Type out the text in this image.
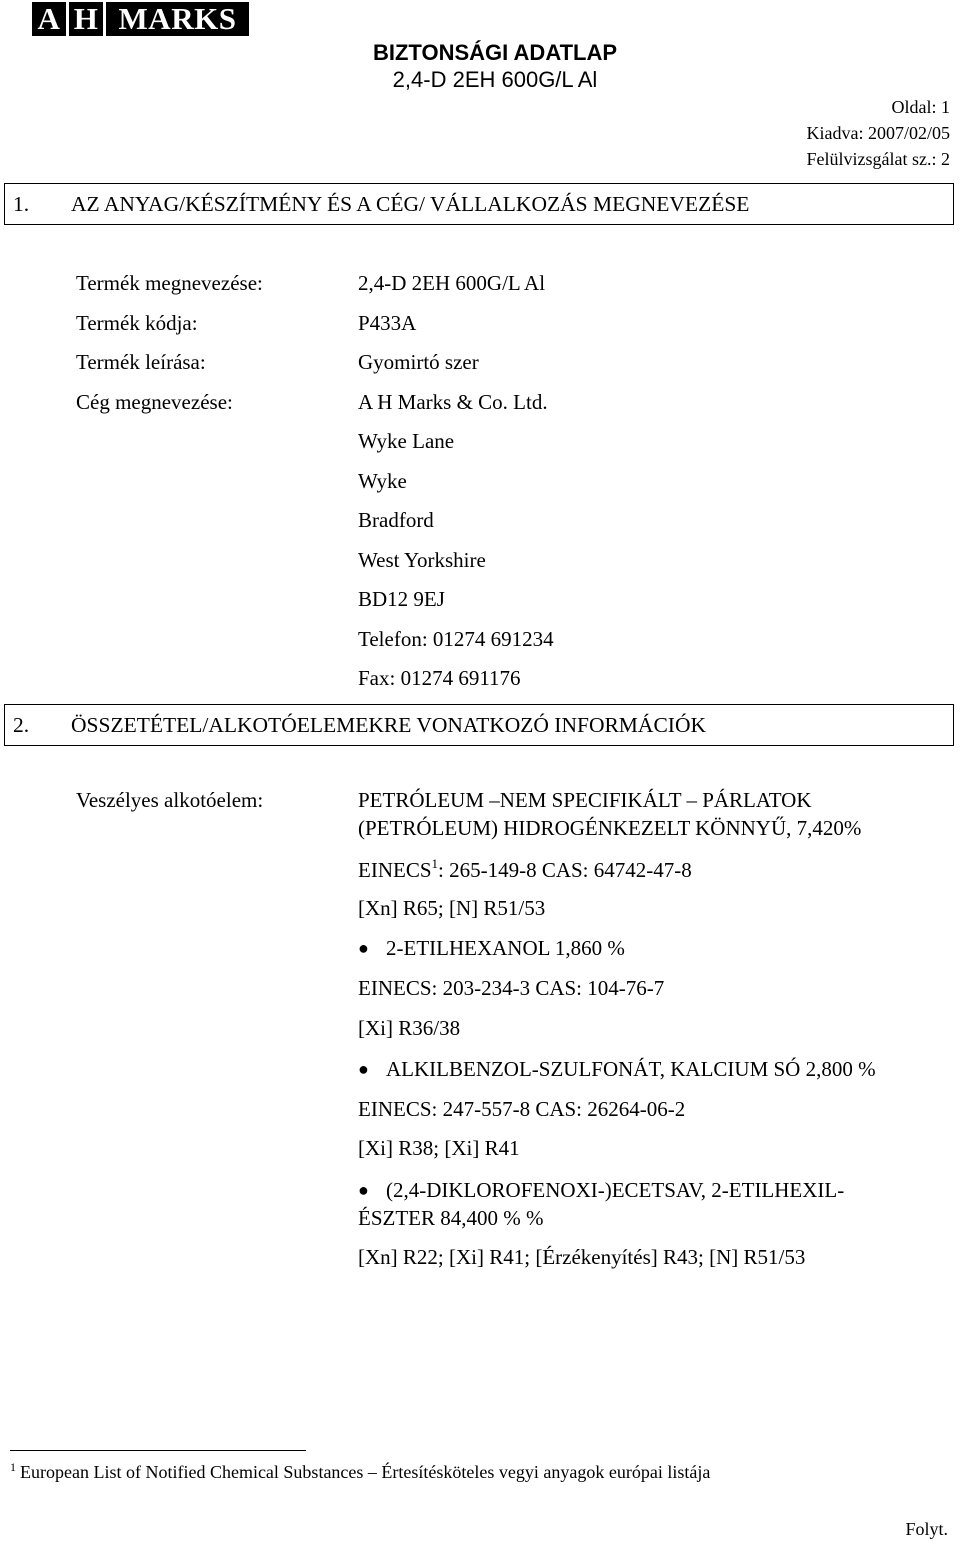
A H MARKS
BIZTONSÁGI ADATLAP
2,4-D 2EH 600G/L Al
Oldal: 1
Kiadva: 2007/02/05
Felülvizsgálat sz.: 2
1. AZ ANYAG/KÉSZÍTMÉNY ÉS A CÉG/ VÁLLALKOZÁS MEGNEVEZÉSE
Termék megnevezése:	2,4-D 2EH 600G/L Al
Termék kódja:	P433A
Termék leírása:	Gyomirtó szer
Cég megnevezése:	A H Marks & Co. Ltd.
Wyke Lane
Wyke
Bradford
West Yorkshire
BD12 9EJ
Telefon: 01274 691234
Fax: 01274 691176
2. ÖSSZETÉTEL/ALKOTÓELEMEKRE VONATKOZÓ INFORMÁCIÓK
Veszélyes alkotóelem:	PETRÓLEUM –NEM SPECIFIKÁLT – PÁRLATOK
(PETRÓLEUM) HIDROGÉNKEZELT KÖNNYŰ, 7,420%
EINECS$^1$: 265-149-8 CAS: 64742-47-8
[Xn] R65; [N] R51/53
● 2-ETILHEXANOL 1,860 %
EINECS: 203-234-3 CAS: 104-76-7
[Xi] R36/38
● ALKILBENZOL-SZULFONÁT, KALCIUM SÓ 2,800 %
EINECS: 247-557-8 CAS: 26264-06-2
[Xi] R38; [Xi] R41
● (2,4-DIKLOROFENOXI-)ECETSAV, 2-ETILHEXIL-
ÉSZTER 84,400 % %
[Xn] R22; [Xi] R41; [Érzékenyítés] R43; [N] R51/53
$^1$ European List of Notified Chemical Substances – Értesítésköteles vegyi anyagok európai listája
Folyt.
